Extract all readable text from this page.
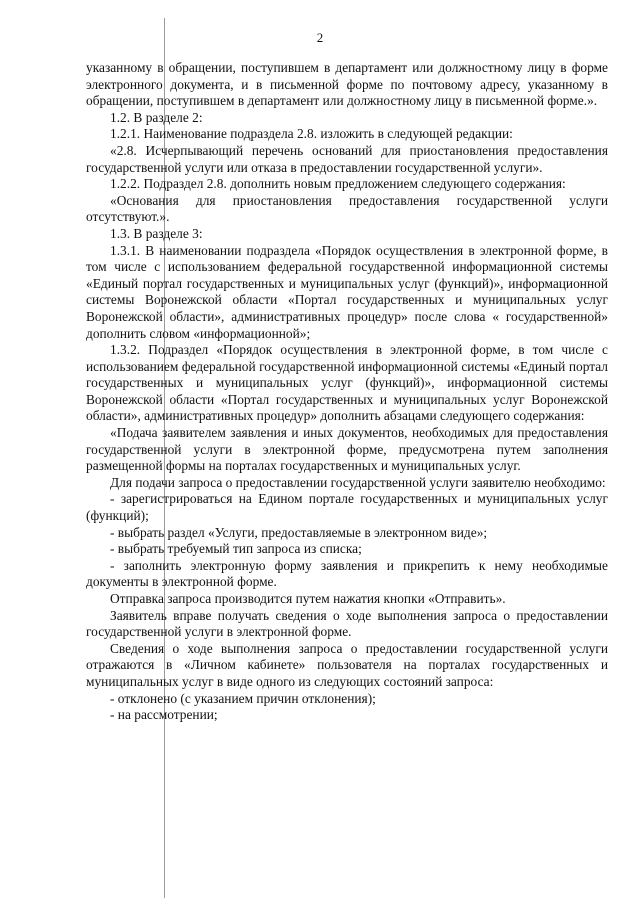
2

указанному в обращении, поступившем в департамент или должностному лицу в форме электронного документа, и в письменной форме по почтовому адресу, указанному в обращении, поступившем в департамент или должностному лицу в письменной форме.».

1.2. В разделе 2:

1.2.1. Наименование подраздела 2.8. изложить в следующей редакции:

«2.8. Исчерпывающий перечень оснований для приостановления предоставления государственной услуги или отказа в предоставлении государственной услуги».

1.2.2. Подраздел 2.8. дополнить новым предложением следующего содержания:

«Основания для приостановления предоставления государственной услуги отсутствуют.».

1.3. В разделе 3:

1.3.1. В наименовании подраздела «Порядок осуществления в электронной форме, в том числе с использованием федеральной государственной информационной системы «Единый портал государственных и муниципальных услуг (функций)», информационной системы Воронежской области «Портал государственных и муниципальных услуг Воронежской области», административных процедур» после слова « государственной» дополнить словом «информационной»;

1.3.2. Подраздел «Порядок осуществления в электронной форме, в том числе с использованием федеральной государственной информационной системы «Единый портал государственных и муниципальных услуг (функций)», информационной системы Воронежской области «Портал государственных и муниципальных услуг Воронежской области», административных процедур» дополнить абзацами следующего содержания:

«Подача заявителем заявления и иных документов, необходимых для предоставления государственной услуги в электронной форме, предусмотрена путем заполнения размещенной формы на порталах государственных и муниципальных услуг.

Для подачи запроса о предоставлении государственной услуги заявителю необходимо:

- зарегистрироваться на Едином портале государственных и муниципальных услуг (функций);

- выбрать раздел «Услуги, предоставляемые в электронном виде»;

- выбрать требуемый тип запроса из списка;

- заполнить электронную форму заявления и прикрепить к нему необходимые документы в электронной форме.

Отправка запроса производится путем нажатия кнопки «Отправить».

Заявитель вправе получать сведения о ходе выполнения запроса о предоставлении государственной услуги в электронной форме.

Сведения о ходе выполнения запроса о предоставлении государственной услуги отражаются в «Личном кабинете» пользователя на порталах государственных и муниципальных услуг в виде одного из следующих состояний запроса:

- отклонено (с указанием причин отклонения);

- на рассмотрении;
